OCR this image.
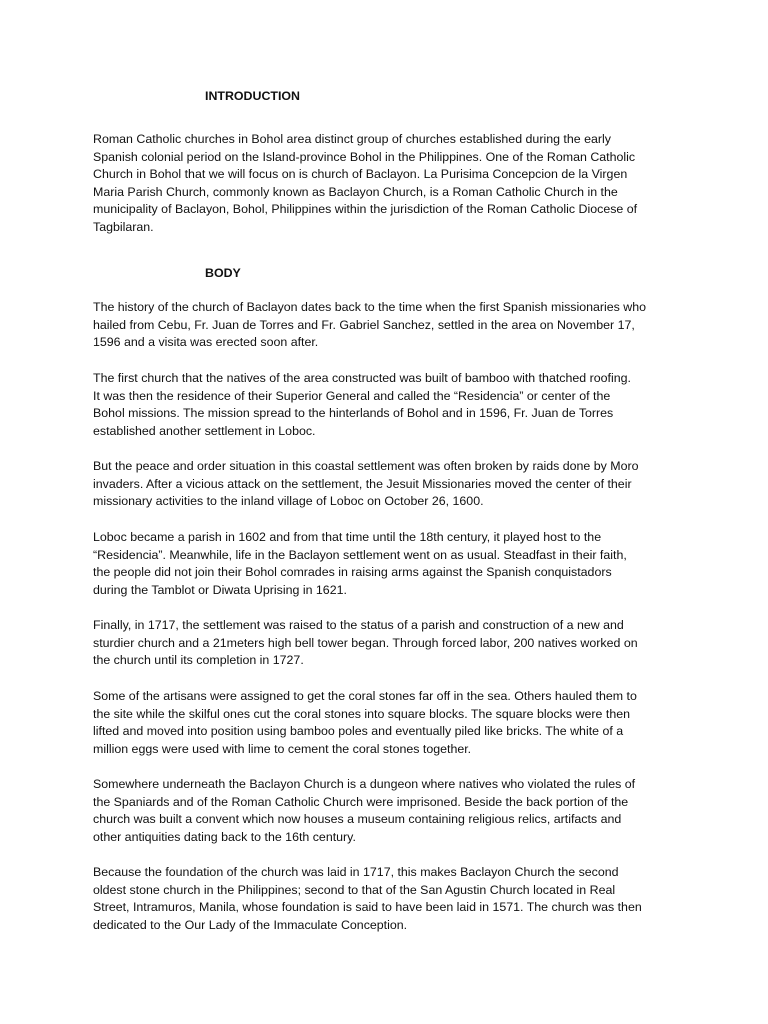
INTRODUCTION

Roman Catholic churches in Bohol area distinct group of churches established during the early
Spanish colonial period on the Island-province Bohol in the Philippines. One of the Roman Catholic
Church in Bohol that we will focus on is church of Baclayon. La Purisima Concepcion de la Virgen
Maria Parish Church, commonly known as Baclayon Church, is a Roman Catholic Church in the
municipality of Baclayon, Bohol, Philippines within the jurisdiction of the Roman Catholic Diocese of
Tagbilaran.

BODY

The history of the church of Baclayon dates back to the time when the first Spanish missionaries who
hailed from Cebu, Fr. Juan de Torres and Fr. Gabriel Sanchez, settled in the area on November 17,
1596 and a visita was erected soon after.

The first church that the natives of the area constructed was built of bamboo with thatched roofing.
It was then the residence of their Superior General and called the “Residencia” or center of the
Bohol missions. The mission spread to the hinterlands of Bohol and in 1596, Fr. Juan de Torres
established another settlement in Loboc.

But the peace and order situation in this coastal settlement was often broken by raids done by Moro
invaders. After a vicious attack on the settlement, the Jesuit Missionaries moved the center of their
missionary activities to the inland village of Loboc on October 26, 1600.

Loboc became a parish in 1602 and from that time until the 18th century, it played host to the
“Residencia”. Meanwhile, life in the Baclayon settlement went on as usual. Steadfast in their faith,
the people did not join their Bohol comrades in raising arms against the Spanish conquistadors
during the Tamblot or Diwata Uprising in 1621.

Finally, in 1717, the settlement was raised to the status of a parish and construction of a new and
sturdier church and a 21meters high bell tower began. Through forced labor, 200 natives worked on
the church until its completion in 1727.

Some of the artisans were assigned to get the coral stones far off in the sea. Others hauled them to
the site while the skilful ones cut the coral stones into square blocks. The square blocks were then
lifted and moved into position using bamboo poles and eventually piled like bricks. The white of a
million eggs were used with lime to cement the coral stones together.

Somewhere underneath the Baclayon Church is a dungeon where natives who violated the rules of
the Spaniards and of the Roman Catholic Church were imprisoned. Beside the back portion of the
church was built a convent which now houses a museum containing religious relics, artifacts and
other antiquities dating back to the 16th century.

Because the foundation of the church was laid in 1717, this makes Baclayon Church the second
oldest stone church in the Philippines; second to that of the San Agustin Church located in Real
Street, Intramuros, Manila, whose foundation is said to have been laid in 1571. The church was then
dedicated to the Our Lady of the Immaculate Conception.
